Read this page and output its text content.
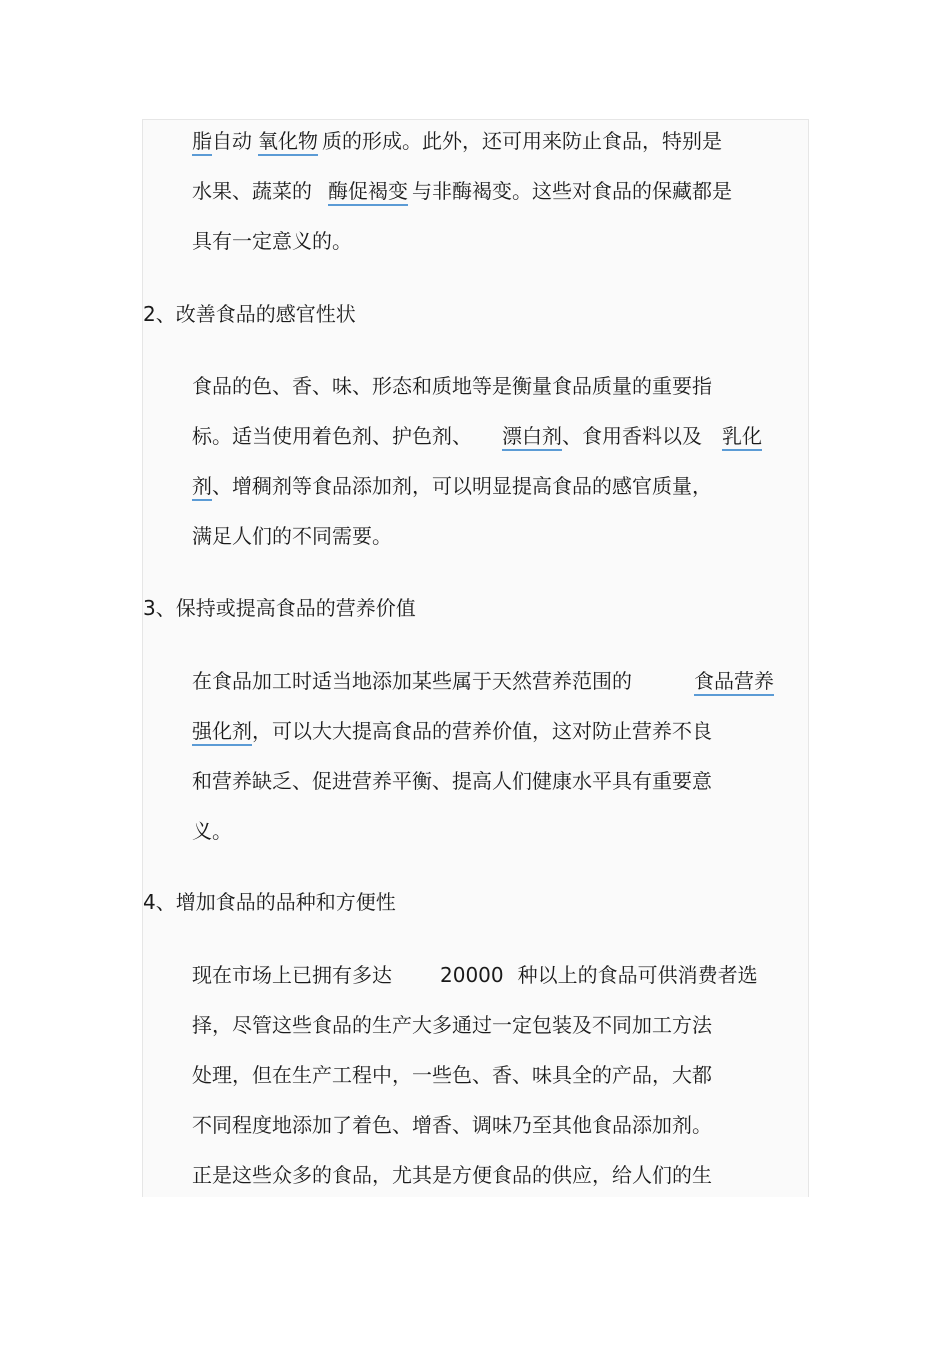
脂自动 氧化物 质的形成。此外，还可用来防止食品，特别是
水果、蔬菜的 酶促褐变 与非酶褐变。这些对食品的保藏都是
具有一定意义的。
2、改善食品的感官性状
食品的色、香、味、形态和质地等是衡量食品质量的重要指
标。适当使用着色剂、护色剂、 漂白剂、食用香料以及 乳化
剂、增稠剂等食品添加剂，可以明显提高食品的感官质量，
满足人们的不同需要。
3、保持或提高食品的营养价值
在食品加工时适当地添加某些属于天然营养范围的	食品营养
强化剂，可以大大提高食品的营养价值，这对防止营养不良
和营养缺乏、促进营养平衡、提高人们健康水平具有重要意
义。
4、增加食品的品种和方便性
现在市场上已拥有多达 20000 种以上的食品可供消费者选
择，尽管这些食品的生产大多通过一定包装及不同加工方法
处理，但在生产工程中，一些色、香、味具全的产品，大都
不同程度地添加了着色、增香、调味乃至其他食品添加剂。
正是这些众多的食品，尤其是方便食品的供应，给人们的生
